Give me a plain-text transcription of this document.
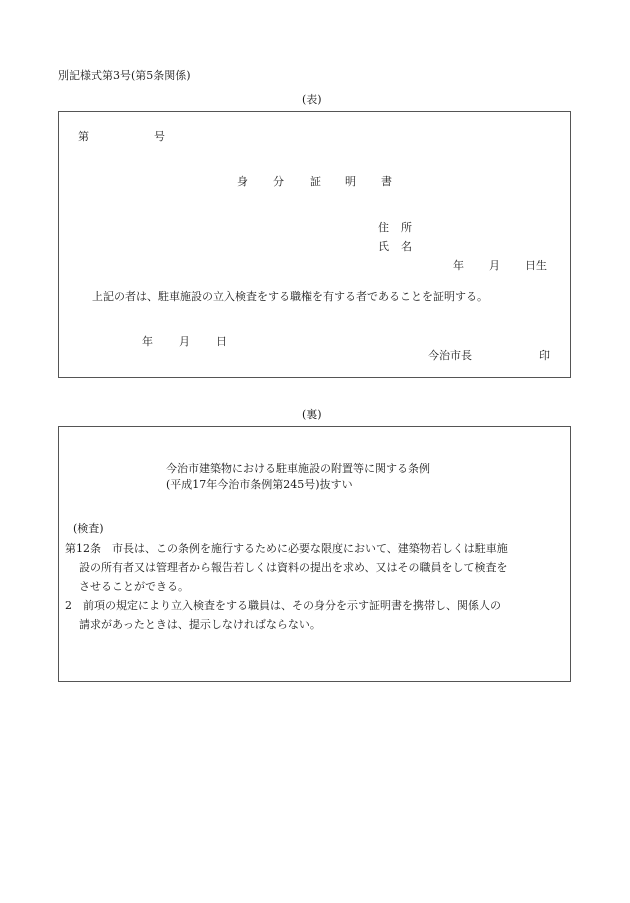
別記様式第3号(第5条関係)
(表)
第	号
身 分 証 明 書
住 所
氏 名
年 月 日生
上記の者は、駐車施設の立入検査をする職権を有する者であることを証明する。
年 月 日
今治市長	印
(裏)
今治市建築物における駐車施設の附置等に関する条例
(平成17年今治市条例第245号)抜すい
(検査)
第12条　市長は、この条例を施行するために必要な限度において、建築物若しくは駐車施
設の所有者又は管理者から報告若しくは資料の提出を求め、又はその職員をして検査を
させることができる。
2　前項の規定により立入検査をする職員は、その身分を示す証明書を携帯し、関係人の
請求があったときは、提示しなければならない。
